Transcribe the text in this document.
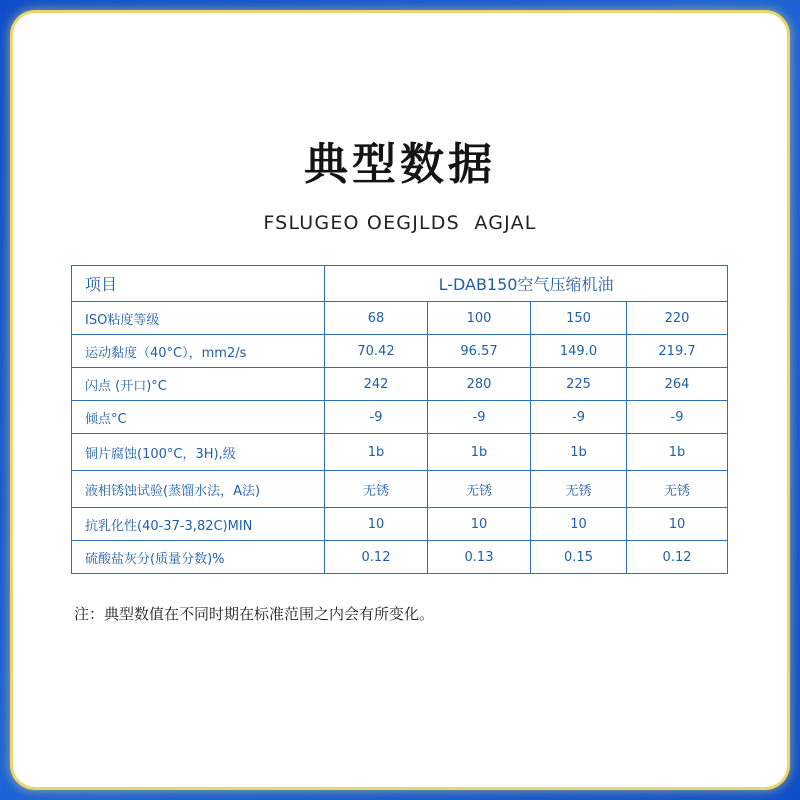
典型数据
FSLUGEO OEGJLDS  AGJAL
项目	L-DAB150空气压缩机油			
ISO粘度等级	68	100	150	220
运动黏度（40°C），mm2/s	70.42	96.57	149.0	219.7
闪点 (开口)°C	242	280	225	264
倾点°C	-9	-9	-9	-9
铜片腐蚀(100°C，3H),级	1b	1b	1b	1b
液相锈蚀试验(蒸馏水法，A法)	无锈	无锈	无锈	无锈
抗乳化性(40-37-3,82C)MIN	10	10	10	10
硫酸盐灰分(质量分数)%	0.12	0.13	0.15	0.12
注：典型数值在不同时期在标准范围之内会有所变化。
